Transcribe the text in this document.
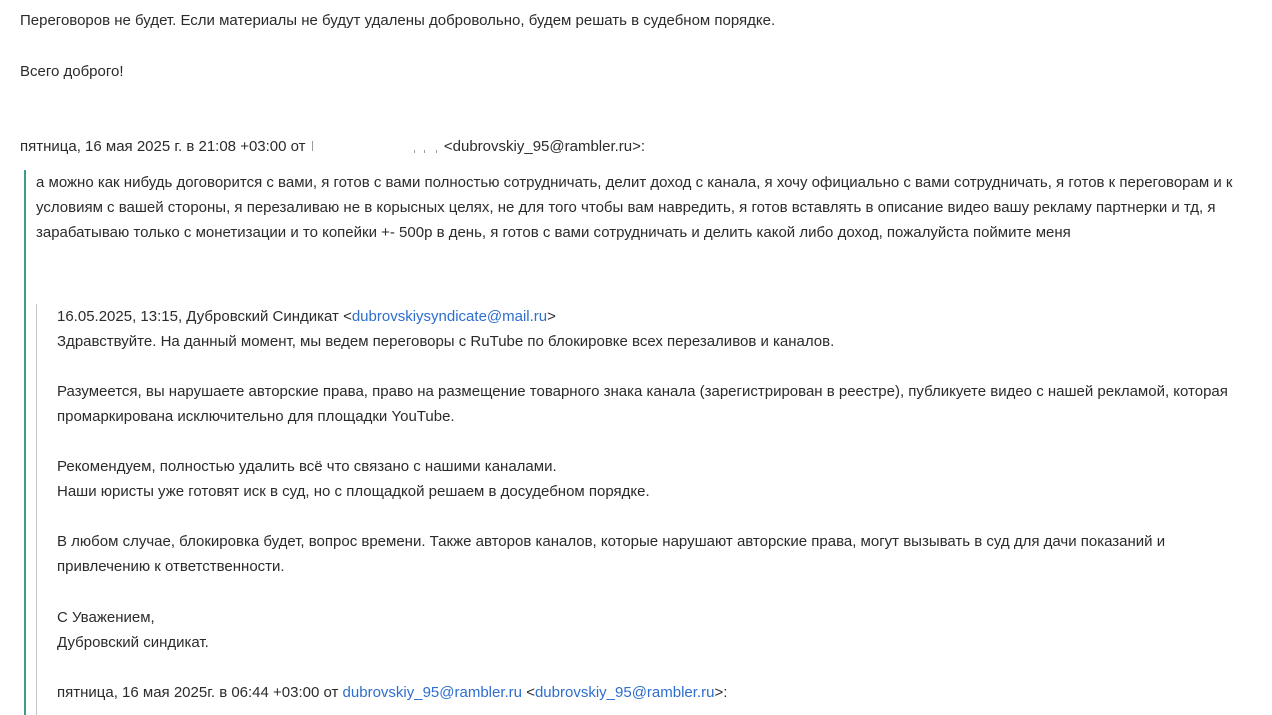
Переговоров не будет. Если материалы не будут удалены добровольно, будем решать в судебном порядке.
Всего доброго!
пятница, 16 мая 2025 г. в 21:08 +03:00 от	<dubrovskiy_95@rambler.ru>:
а можно как нибудь договорится с вами, я готов с вами полностью сотрудничать, делит доход с канала, я хочу официально с вами сотрудничать, я готов к переговорам и к
условиям с вашей стороны, я перезаливаю не в корысных целях, не для того чтобы вам навредить, я готов вставлять в описание видео вашу рекламу партнерки и тд, я
зарабатываю только с монетизации и то копейки +- 500р в день, я готов с вами сотрудничать и делить какой либо доход, пожалуйста поймите меня
16.05.2025, 13:15, Дубровский Синдикат <dubrovskiysyndicate@mail.ru>
Здравствуйте. На данный момент, мы ведем переговоры с RuTube по блокировке всех перезаливов и каналов.
Разумеется, вы нарушаете авторские права, право на размещение товарного знака канала (зарегистрирован в реестре), публикуете видео с нашей рекламой, которая
промаркирована исключительно для площадки YouTube.
Рекомендуем, полностью удалить всё что связано с нашими каналами.
Наши юристы уже готовят иск в суд, но с площадкой решаем в досудебном порядке.
В любом случае, блокировка будет, вопрос времени. Также авторов каналов, которые нарушают авторские права, могут вызывать в суд для дачи показаний и
привлечению к ответственности.
С Уважением,
Дубровский синдикат.
пятница, 16 мая 2025г. в 06:44 +03:00 от dubrovskiy_95@rambler.ru <dubrovskiy_95@rambler.ru>:
